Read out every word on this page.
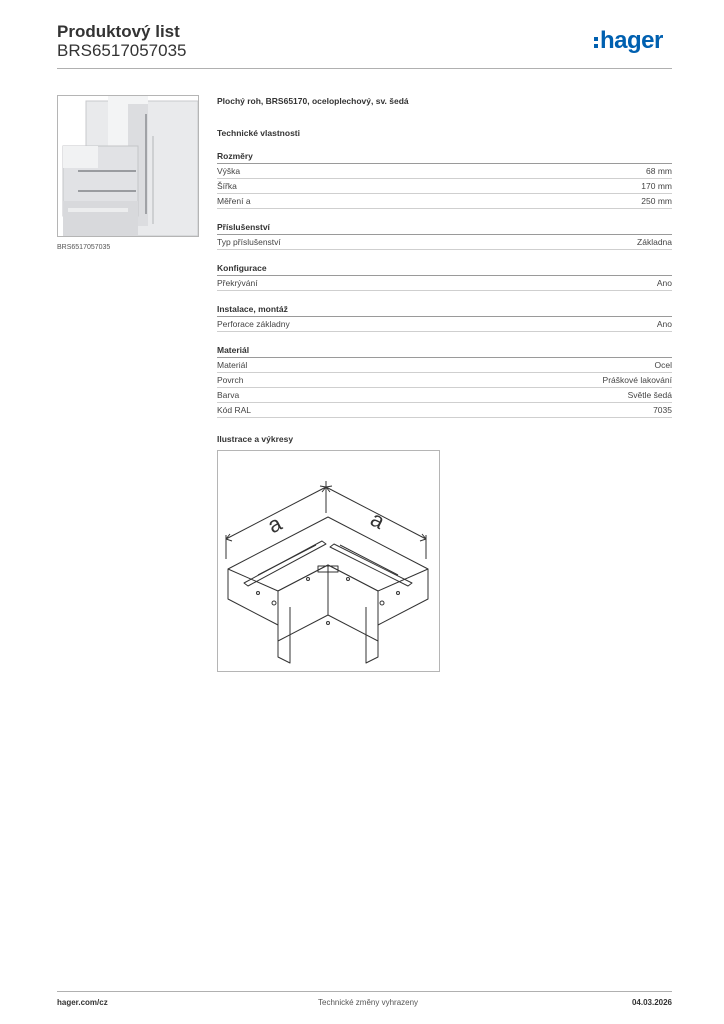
Produktový list
BRS6517057035	hager
BRS6517057035
Plochý roh, BRS65170, oceloplechový, sv. šedá
Technické vlastnosti
Rozměry
Výška	68 mm
Šířka	170 mm
Měření a	250 mm
Příslušenství
Typ příslušenství	Základna
Konfigurace
Překrývání	Ano
Instalace, montáž
Perforace základny	Ano
Materiál
Materiál	Ocel
Povrch	Práškové lakování
Barva	Světle šedá
Kód RAL	7035
Ilustrace a výkresy
a	a
hager.com/cz	Technické změny vyhrazeny	04.03.2026
